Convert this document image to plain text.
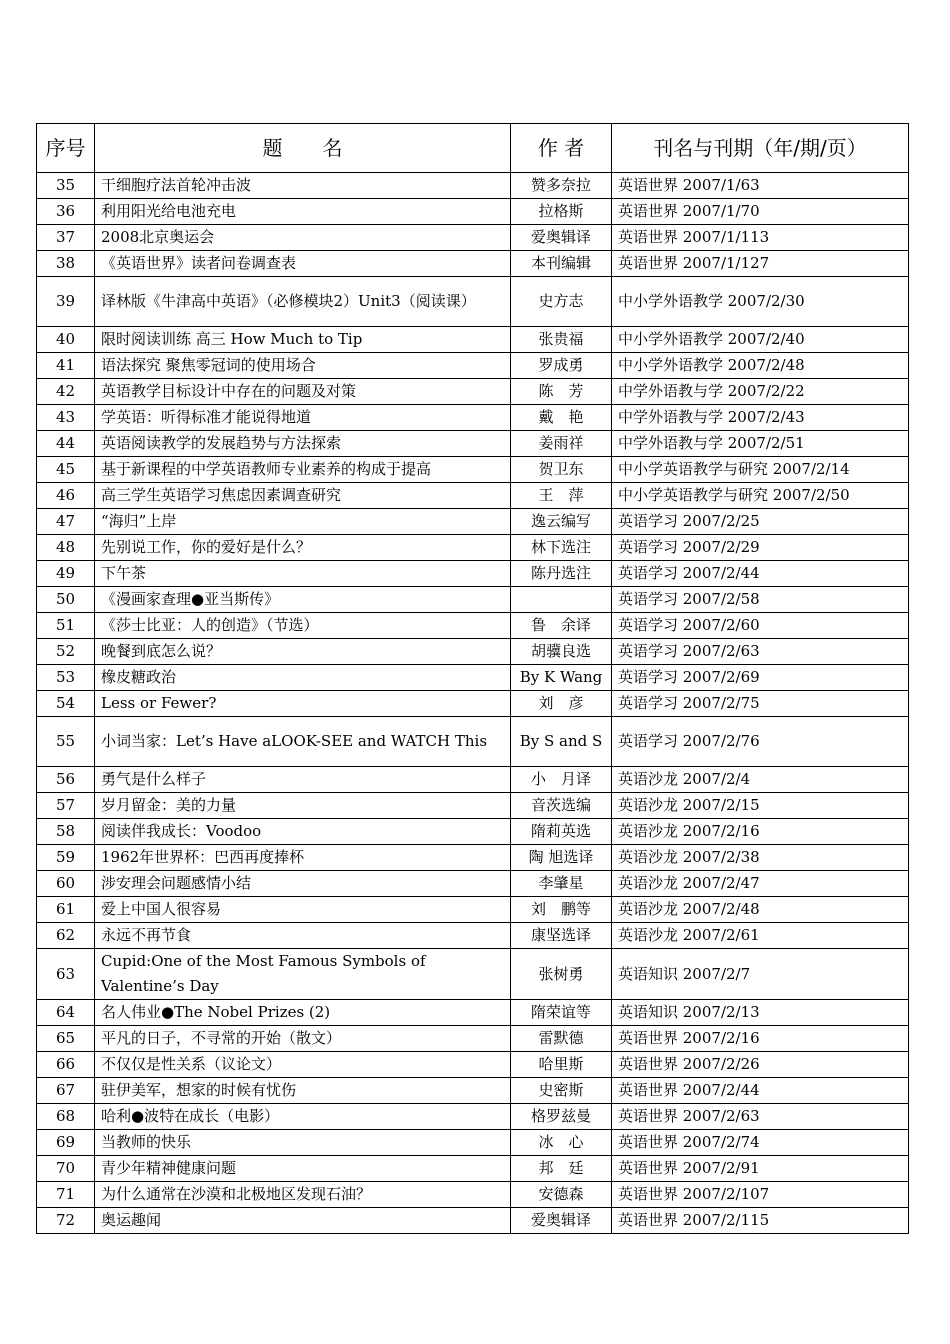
序号	题　　名	作 者	刊名与刊期（年/期/页）
35	干细胞疗法首轮冲击波	赞多奈拉	英语世界 2007/1/63
36	利用阳光给电池充电	拉格斯	英语世界 2007/1/70
37	2008北京奥运会	爱奥辑译	英语世界 2007/1/113
38	《英语世界》读者问卷调查表	本刊编辑	英语世界 2007/1/127
39	译林版《牛津高中英语》（必修模块2）Unit3（阅读课）	史方志	中小学外语教学 2007/2/30
40	限时阅读训练 高三 How Much to Tip	张贵福	中小学外语教学 2007/2/40
41	语法探究 聚焦零冠词的使用场合	罗成勇	中小学外语教学 2007/2/48
42	英语教学目标设计中存在的问题及对策	陈　芳	中学外语教与学 2007/2/22
43	学英语：听得标准才能说得地道	戴　艳	中学外语教与学 2007/2/43
44	英语阅读教学的发展趋势与方法探索	姜雨祥	中学外语教与学 2007/2/51
45	基于新课程的中学英语教师专业素养的构成于提高	贺卫东	中小学英语教学与研究 2007/2/14
46	高三学生英语学习焦虑因素调查研究	王　萍	中小学英语教学与研究 2007/2/50
47	“海归”上岸	逸云编写	英语学习 2007/2/25
48	先别说工作，你的爱好是什么？	林下选注	英语学习 2007/2/29
49	下午茶	陈丹选注	英语学习 2007/2/44
50	《漫画家查理●亚当斯传》		英语学习 2007/2/58
51	《莎士比亚：人的创造》（节选）	鲁　余译	英语学习 2007/2/60
52	晚餐到底怎么说？	胡骥良选	英语学习 2007/2/63
53	橡皮糖政治	By K Wang	英语学习 2007/2/69
54	Less or Fewer?	刘　彦	英语学习 2007/2/75
55	小词当家：Let’s Have aLOOK-SEE and WATCH This	By S and S	英语学习 2007/2/76
56	勇气是什么样子	小　月译	英语沙龙 2007/2/4
57	岁月留金：美的力量	音茨选编	英语沙龙 2007/2/15
58	阅读伴我成长：Voodoo	隋莉英选	英语沙龙 2007/2/16
59	1962年世界杯：巴西再度捧杯	陶 旭选译	英语沙龙 2007/2/38
60	涉安理会问题感情小结	李肇星	英语沙龙 2007/2/47
61	爱上中国人很容易	刘　鹏等	英语沙龙 2007/2/48
62	永远不再节食	康坚选译	英语沙龙 2007/2/61
63	Cupid:One of the Most Famous Symbols of Valentine’s Day	张树勇	英语知识 2007/2/7
64	名人伟业●The Nobel Prizes (2)	隋荣谊等	英语知识 2007/2/13
65	平凡的日子，不寻常的开始（散文）	雷默德	英语世界 2007/2/16
66	不仅仅是性关系（议论文）	哈里斯	英语世界 2007/2/26
67	驻伊美军，想家的时候有忧伤	史密斯	英语世界 2007/2/44
68	哈利●波特在成长（电影）	格罗兹曼	英语世界 2007/2/63
69	当教师的快乐	冰　心	英语世界 2007/2/74
70	青少年精神健康问题	邦　廷	英语世界 2007/2/91
71	为什么通常在沙漠和北极地区发现石油？	安德森	英语世界 2007/2/107
72	奥运趣闻	爱奥辑译	英语世界 2007/2/115
